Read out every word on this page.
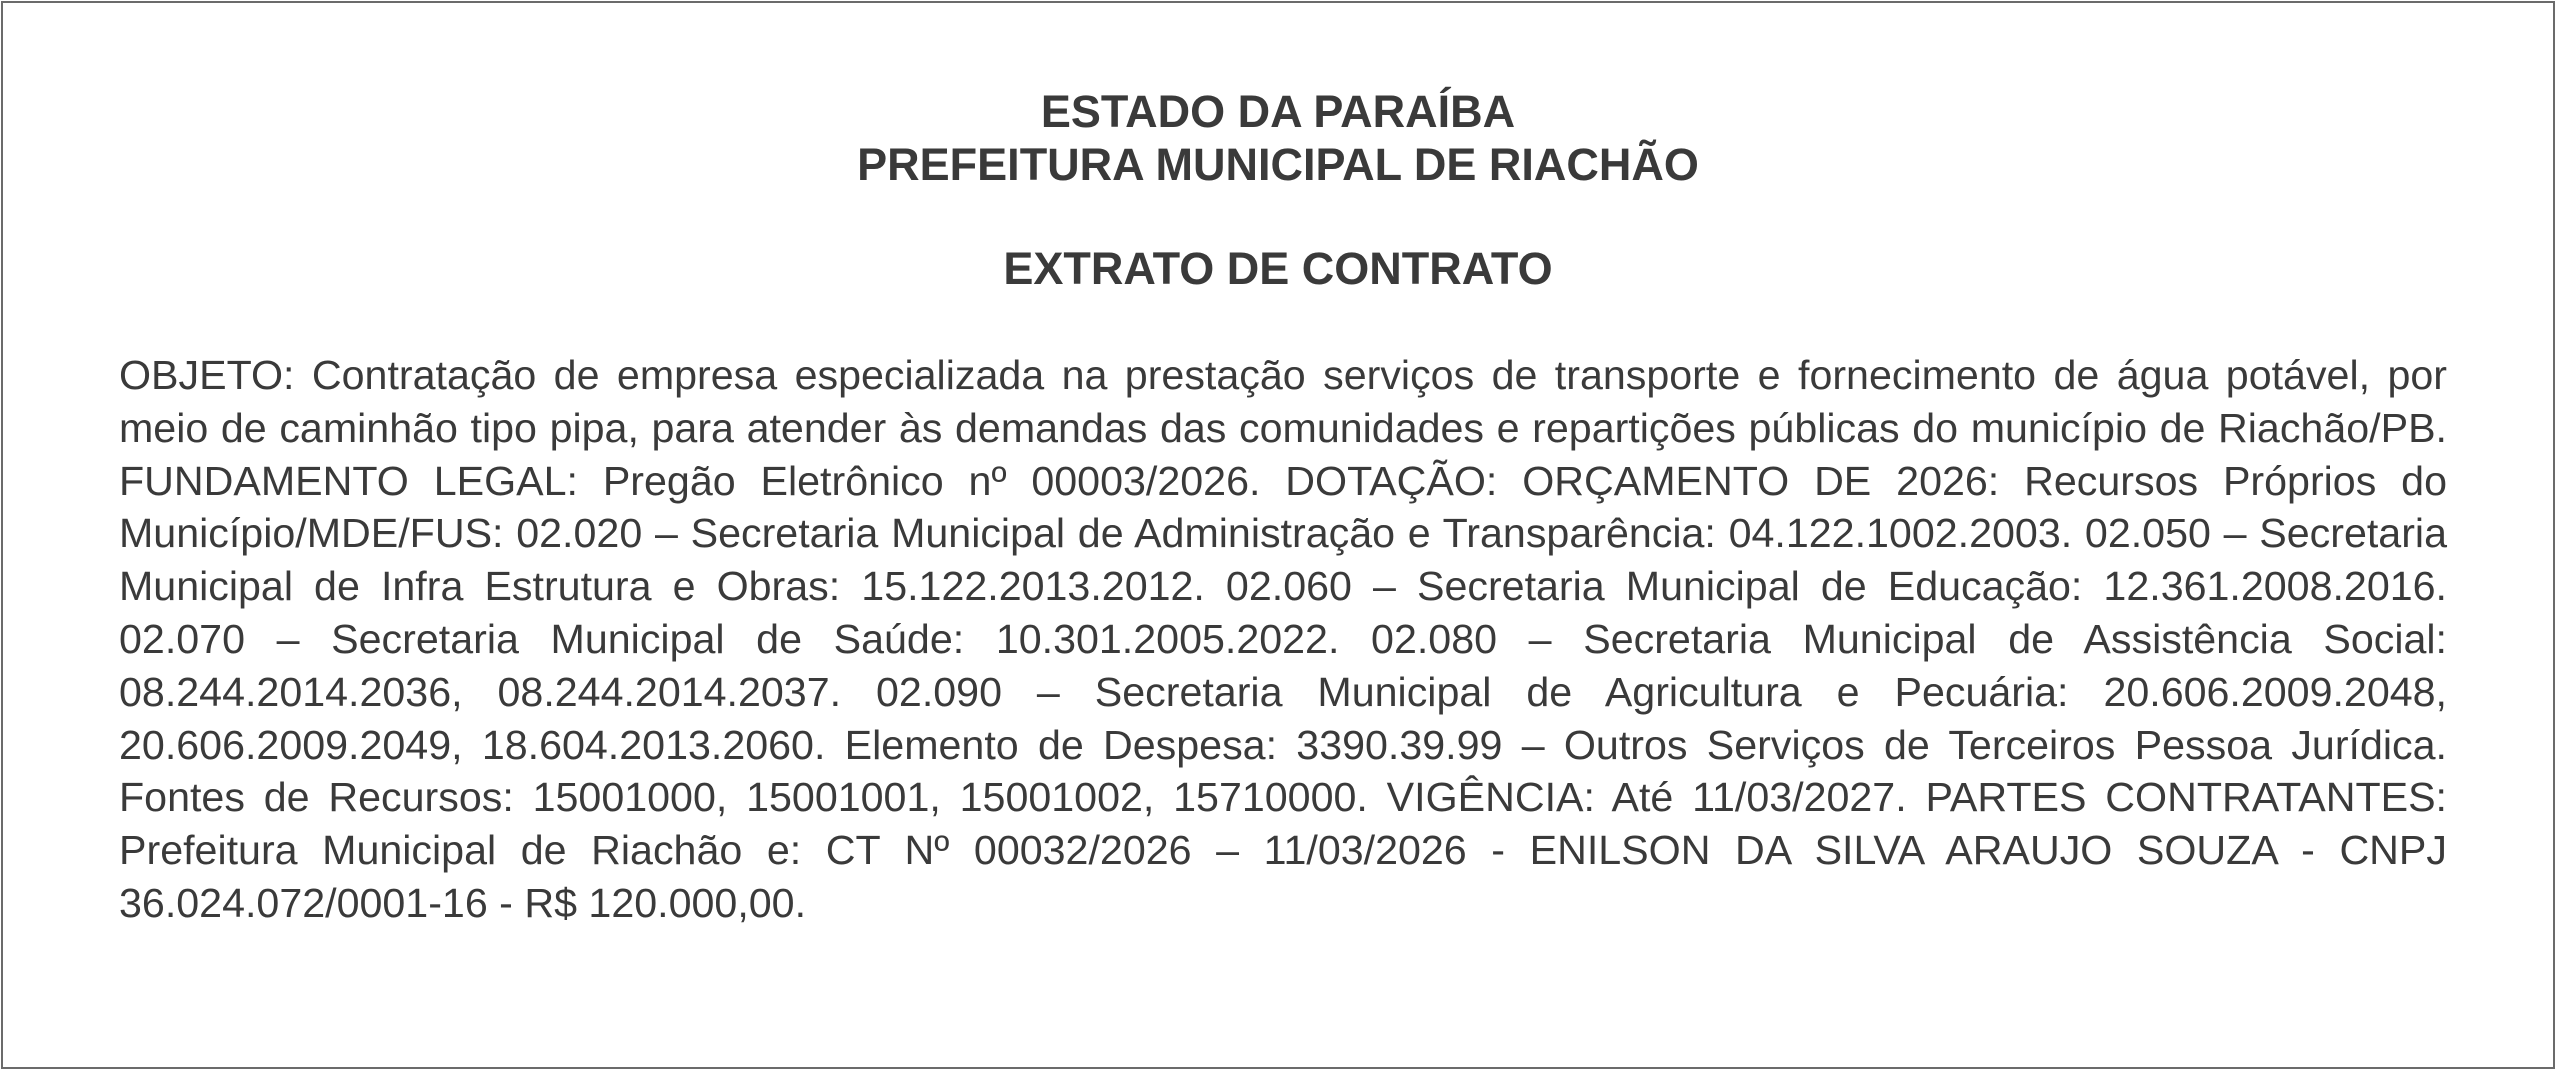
ESTADO DA PARAÍBA
PREFEITURA MUNICIPAL DE RIACHÃO
EXTRATO DE CONTRATO
OBJETO: Contratação de empresa especializada na prestação serviços de transporte e fornecimento de água potável, por meio de caminhão tipo pipa, para atender às demandas das comunidades e repartições públicas do município de Riachão/PB. FUNDAMENTO LEGAL: Pregão Eletrônico nº 00003/2026. DOTAÇÃO: ORÇAMENTO DE 2026: Recursos Próprios do Município/MDE/FUS: 02.020 – Secretaria Municipal de Administração e Transparência: 04.122.1002.2003. 02.050 – Secretaria Municipal de Infra Estrutura e Obras: 15.122.2013.2012. 02.060 – Secretaria Municipal de Educação: 12.361.2008.2016. 02.070 – Secretaria Municipal de Saúde: 10.301.2005.2022. 02.080 – Secretaria Municipal de Assistência Social: 08.244.2014.2036, 08.244.2014.2037. 02.090 – Secretaria Municipal de Agricultura e Pecuária: 20.606.2009.2048, 20.606.2009.2049, 18.604.2013.2060. Elemento de Despesa: 3390.39.99 – Outros Serviços de Terceiros Pessoa Jurídica. Fontes de Recursos: 15001000, 15001001, 15001002, 15710000. VIGÊNCIA: Até 11/03/2027. PARTES CONTRATANTES: Prefeitura Municipal de Riachão e: CT Nº 00032/2026 – 11/03/2026 - ENILSON DA SILVA ARAUJO SOUZA - CNPJ 36.024.072/0001-16 - R$ 120.000,00.
